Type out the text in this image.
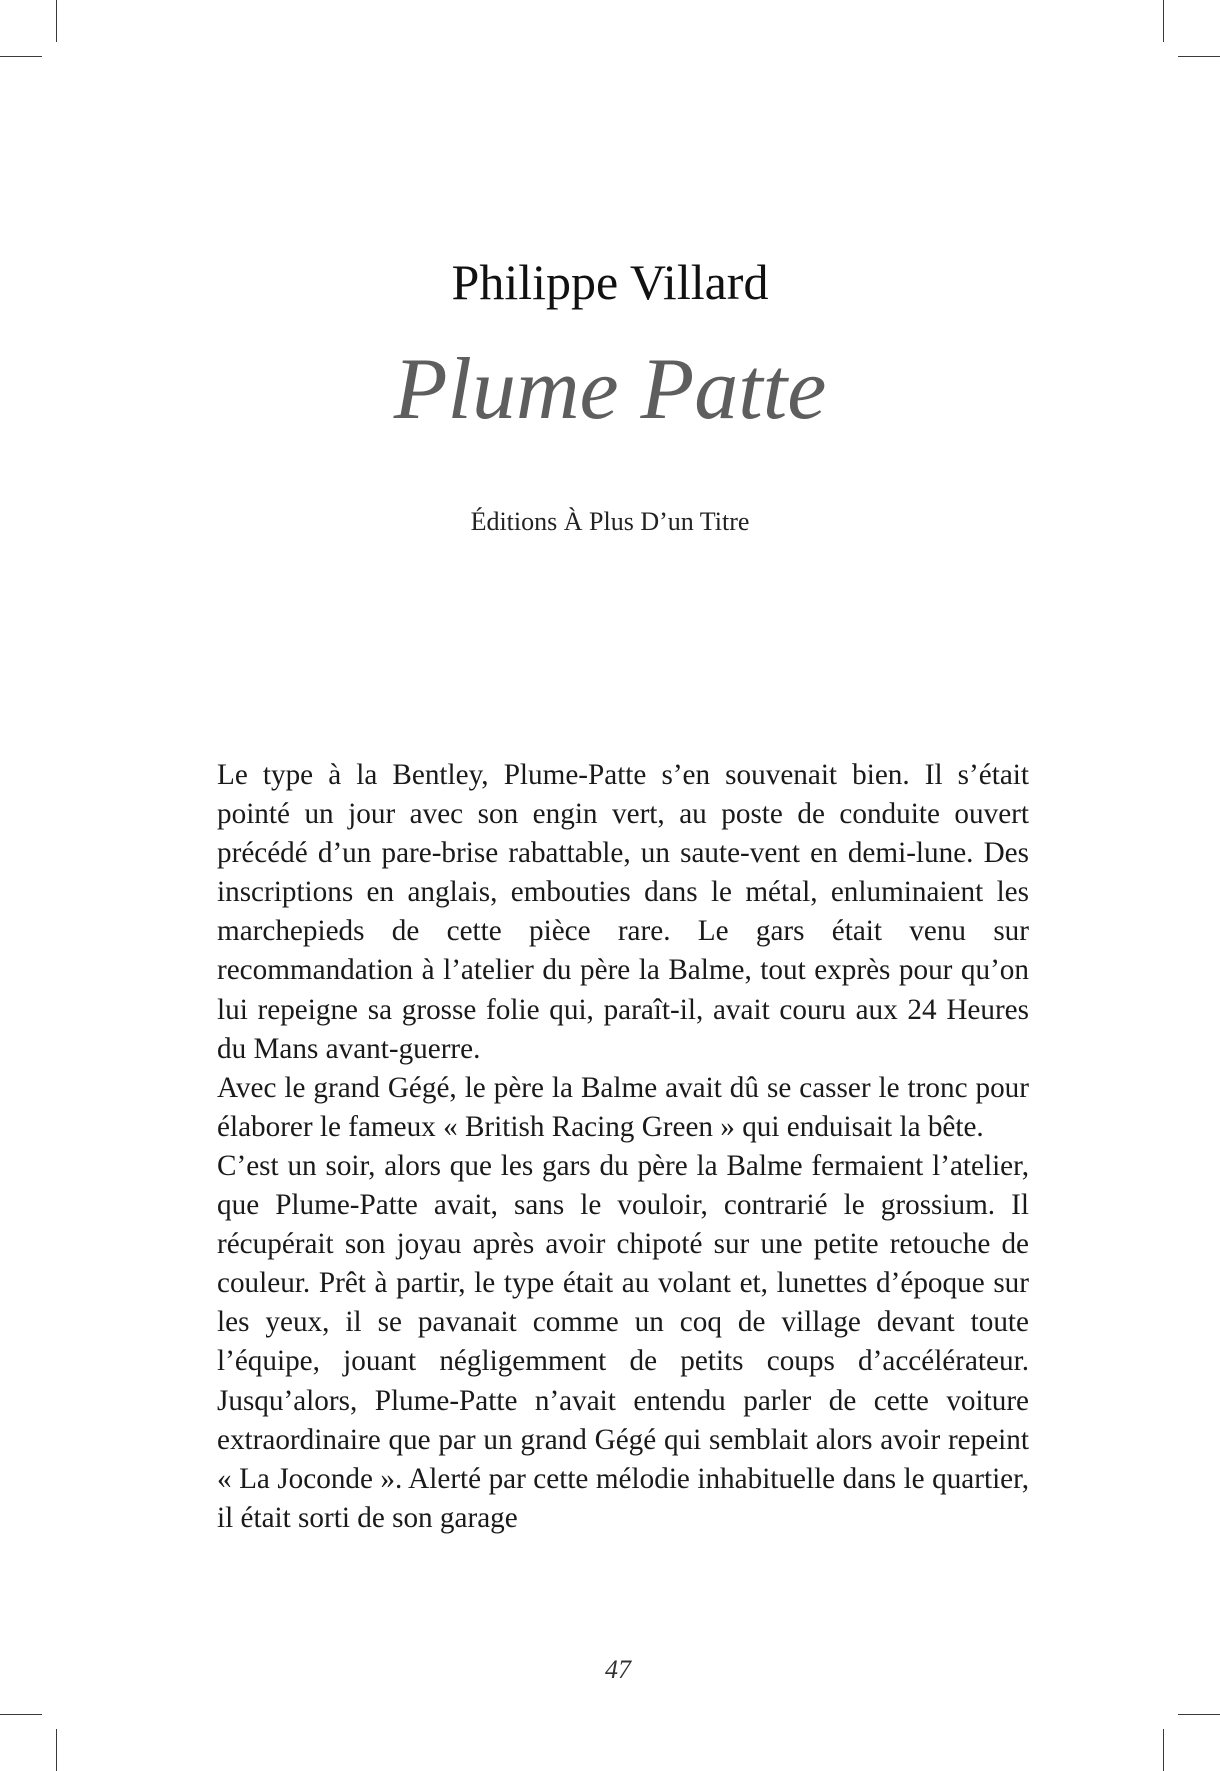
Philippe Villard
Plume Patte
Éditions À Plus D’un Titre

Le type à la Bentley, Plume-Patte s’en souvenait bien. Il s’était pointé un jour avec son engin vert, au poste de conduite ouvert précédé d’un pare-brise rabattable, un saute-vent en demi-lune. Des inscriptions en anglais, embouties dans le métal, enluminaient les marchepieds de cette pièce rare. Le gars était venu sur recommandation à l’atelier du père la Balme, tout exprès pour qu’on lui repeigne sa grosse folie qui, paraît-il, avait couru aux 24 Heures du Mans avant-guerre.

Avec le grand Gégé, le père la Balme avait dû se casser le tronc pour élaborer le fameux « British Racing Green » qui enduisait la bête.

C’est un soir, alors que les gars du père la Balme fermaient l’atelier, que Plume-Patte avait, sans le vouloir, contrarié le grossium. Il récupérait son joyau après avoir chipoté sur une petite retouche de couleur. Prêt à partir, le type était au volant et, lunettes d’époque sur les yeux, il se pavanait comme un coq de village devant toute l’équipe, jouant négligemment de petits coups d’accélérateur. Jusqu’alors, Plume-Patte n’avait entendu parler de cette voiture extraordinaire que par un grand Gégé qui semblait alors avoir repeint « La Joconde ». Alerté par cette mélodie inhabituelle dans le quartier, il était sorti de son garage

47
